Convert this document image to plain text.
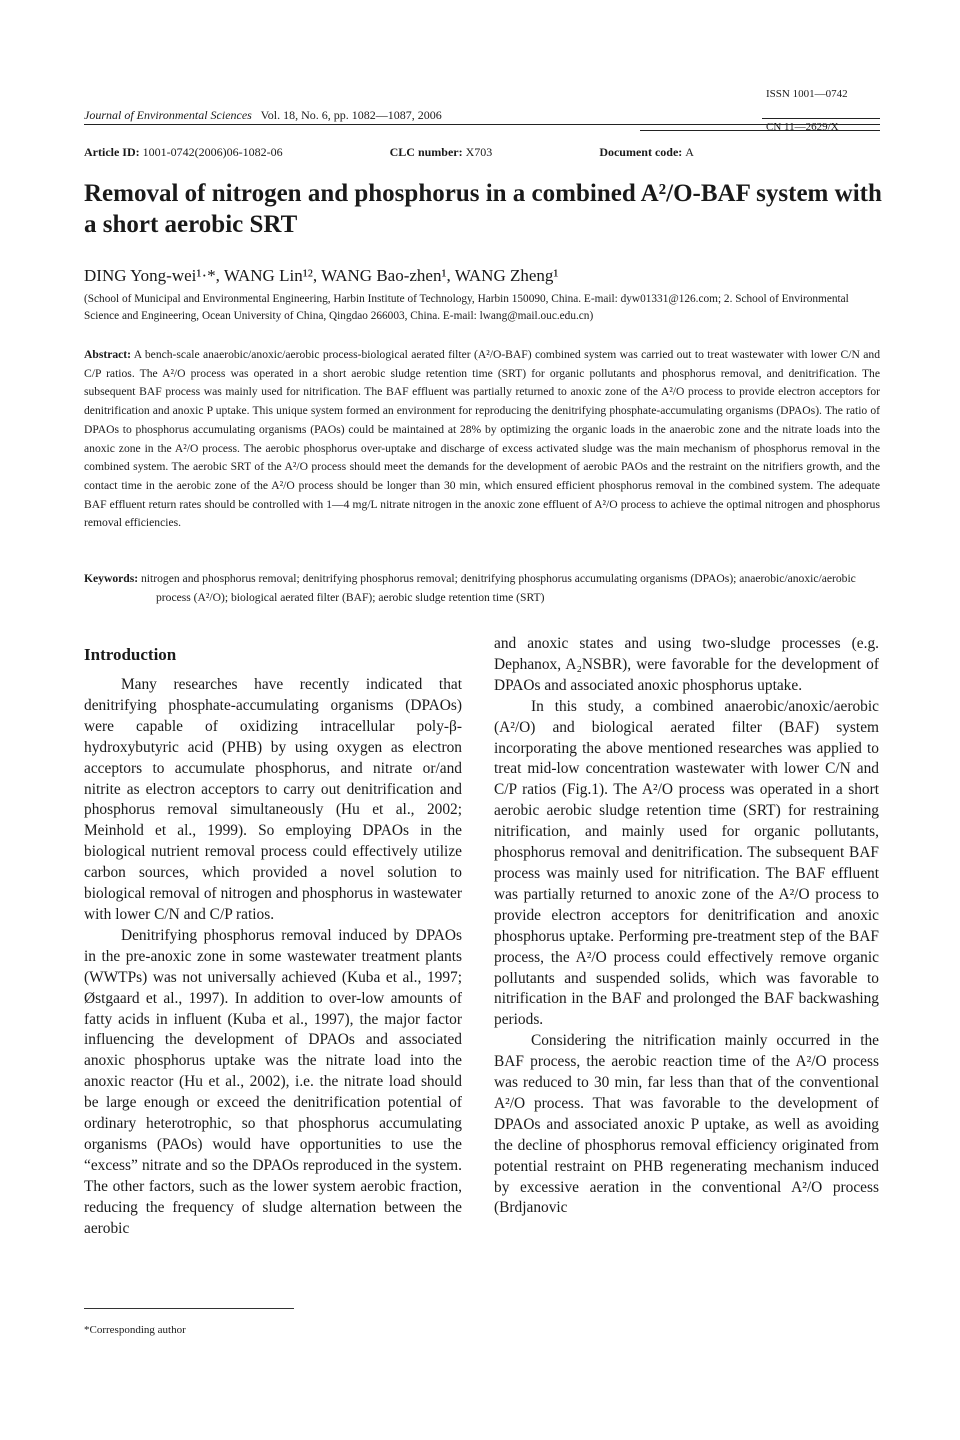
ISSN 1001—0742
CN 11—2629/X
Journal of Environmental Sciences Vol. 18, No. 6, pp. 1082—1087, 2006
Article ID: 1001-0742(2006)06-1082-06	CLC number: X703	Document code: A
Removal of nitrogen and phosphorus in a combined A²/O-BAF system with a short aerobic SRT
DING Yong-wei¹·*, WANG Lin¹², WANG Bao-zhen¹, WANG Zheng¹
(School of Municipal and Environmental Engineering, Harbin Institute of Technology, Harbin 150090, China. E-mail: dyw01331@126.com; 2. School of Environmental Science and Engineering, Ocean University of China, Qingdao 266003, China. E-mail: lwang@mail.ouc.edu.cn)
Abstract: A bench-scale anaerobic/anoxic/aerobic process-biological aerated filter (A²/O-BAF) combined system was carried out to treat wastewater with lower C/N and C/P ratios. The A²/O process was operated in a short aerobic sludge retention time (SRT) for organic pollutants and phosphorus removal, and denitrification. The subsequent BAF process was mainly used for nitrification. The BAF effluent was partially returned to anoxic zone of the A²/O process to provide electron acceptors for denitrification and anoxic P uptake. This unique system formed an environment for reproducing the denitrifying phosphate-accumulating organisms (DPAOs). The ratio of DPAOs to phosphorus accumulating organisms (PAOs) could be maintained at 28% by optimizing the organic loads in the anaerobic zone and the nitrate loads into the anoxic zone in the A²/O process. The aerobic phosphorus over-uptake and discharge of excess activated sludge was the main mechanism of phosphorus removal in the combined system. The aerobic SRT of the A²/O process should meet the demands for the development of aerobic PAOs and the restraint on the nitrifiers growth, and the contact time in the aerobic zone of the A²/O process should be longer than 30 min, which ensured efficient phosphorus removal in the combined system. The adequate BAF effluent return rates should be controlled with 1—4 mg/L nitrate nitrogen in the anoxic zone effluent of A²/O process to achieve the optimal nitrogen and phosphorus removal efficiencies.
Keywords: nitrogen and phosphorus removal; denitrifying phosphorus removal; denitrifying phosphorus accumulating organisms (DPAOs); anaerobic/anoxic/aerobic process (A²/O); biological aerated filter (BAF); aerobic sludge retention time (SRT)
Introduction

Many researches have recently indicated that denitrifying phosphate-accumulating organisms (DPAOs) were capable of oxidizing intracellular poly-β-hydroxybutyric acid (PHB) by using oxygen as electron acceptors to accumulate phosphorus, and nitrate or/and nitrite as electron acceptors to carry out denitrification and phosphorus removal simultaneously (Hu et al., 2002; Meinhold et al., 1999). So employing DPAOs in the biological nutrient removal process could effectively utilize carbon sources, which provided a novel solution to biological removal of nitrogen and phosphorus in wastewater with lower C/N and C/P ratios.

Denitrifying phosphorus removal induced by DPAOs in the pre-anoxic zone in some wastewater treatment plants (WWTPs) was not universally achieved (Kuba et al., 1997; Østgaard et al., 1997). In addition to over-low amounts of fatty acids in influent (Kuba et al., 1997), the major factor influencing the development of DPAOs and associated anoxic phosphorus uptake was the nitrate load into the anoxic reactor (Hu et al., 2002), i.e. the nitrate load should be large enough or exceed the denitrification potential of ordinary heterotrophic, so that phosphorus accumulating organisms (PAOs) would have opportunities to use the “excess” nitrate and so the DPAOs reproduced in the system. The other factors, such as the lower system aerobic fraction, reducing the frequency of sludge alternation between the aerobic

and anoxic states and using two-sludge processes (e.g. Dephanox, A₂NSBR), were favorable for the development of DPAOs and associated anoxic phosphorus uptake.

In this study, a combined anaerobic/anoxic/aerobic (A²/O) and biological aerated filter (BAF) system incorporating the above mentioned researches was applied to treat mid-low concentration wastewater with lower C/N and C/P ratios (Fig.1). The A²/O process was operated in a short aerobic aerobic sludge retention time (SRT) for restraining nitrification, and mainly used for organic pollutants, phosphorus removal and denitrification. The subsequent BAF process was mainly used for nitrification. The BAF effluent was partially returned to anoxic zone of the A²/O process to provide electron acceptors for denitrification and anoxic phosphorus uptake. Performing pre-treatment step of the BAF process, the A²/O process could effectively remove organic pollutants and suspended solids, which was favorable to nitrification in the BAF and prolonged the BAF backwashing periods.

Considering the nitrification mainly occurred in the BAF process, the aerobic reaction time of the A²/O process was reduced to 30 min, far less than that of the conventional A²/O process. That was favorable to the development of DPAOs and associated anoxic P uptake, as well as avoiding the decline of phosphorus removal efficiency originated from potential restraint on PHB regenerating mechanism induced by excessive aeration in the conventional A²/O process (Brdjanovic

*Corresponding author
